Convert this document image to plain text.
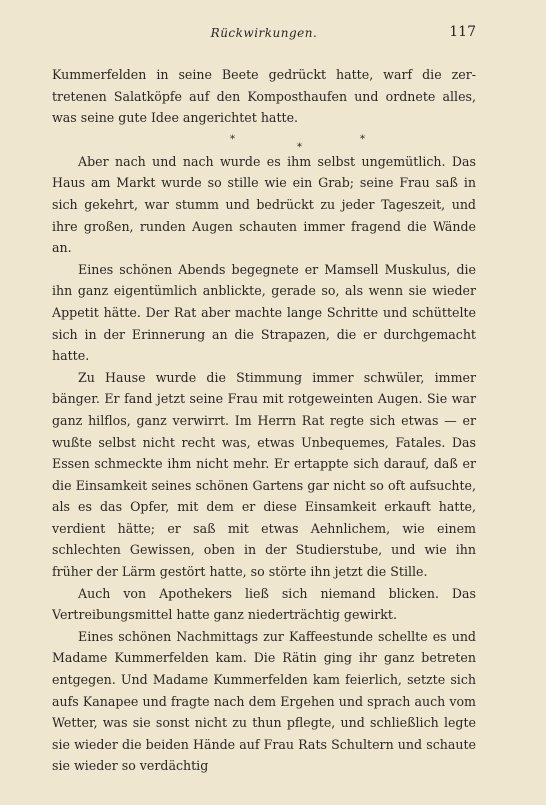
Rückwirkungen.	117

Kummerfelden in seine Beete gedrückt hatte, warf die zertretenen Salatköpfe auf den Komposthaufen und ordnete alles, was seine gute Idee angerichtet hatte.

*
*
*

Aber nach und nach wurde es ihm selbst ungemütlich. Das Haus am Markt wurde so stille wie ein Grab; seine Frau saß in sich gekehrt, war stumm und bedrückt zu jeder Tageszeit, und ihre großen, runden Augen schauten immer fragend die Wände an.

Eines schönen Abends begegnete er Mamsell Muskulus, die ihn ganz eigentümlich anblickte, gerade so, als wenn sie wieder Appetit hätte. Der Rat aber machte lange Schritte und schüttelte sich in der Erinnerung an die Strapazen, die er durchgemacht hatte.

Zu Hause wurde die Stimmung immer schwüler, immer bänger. Er fand jetzt seine Frau mit rotgeweinten Augen. Sie war ganz hilflos, ganz verwirrt. Im Herrn Rat regte sich etwas — er wußte selbst nicht recht was, etwas Unbequemes, Fatales. Das Essen schmeckte ihm nicht mehr. Er ertappte sich darauf, daß er die Einsamkeit seines schönen Gartens gar nicht so oft aufsuchte, als es das Opfer, mit dem er diese Einsamkeit erkauft hatte, verdient hätte; er saß mit etwas Aehnlichem, wie einem schlechten Gewissen, oben in der Studierstube, und wie ihn früher der Lärm gestört hatte, so störte ihn jetzt die Stille.

Auch von Apothekers ließ sich niemand blicken. Das Vertreibungsmittel hatte ganz niederträchtig gewirkt.

Eines schönen Nachmittags zur Kaffeestunde schellte es und Madame Kummerfelden kam. Die Rätin ging ihr ganz betreten entgegen. Und Madame Kummerfelden kam feierlich, setzte sich aufs Kanapee und fragte nach dem Ergehen und sprach auch vom Wetter, was sie sonst nicht zu thun pflegte, und schließlich legte sie wieder die beiden Hände auf Frau Rats Schultern und schaute sie wieder so verdächtig
